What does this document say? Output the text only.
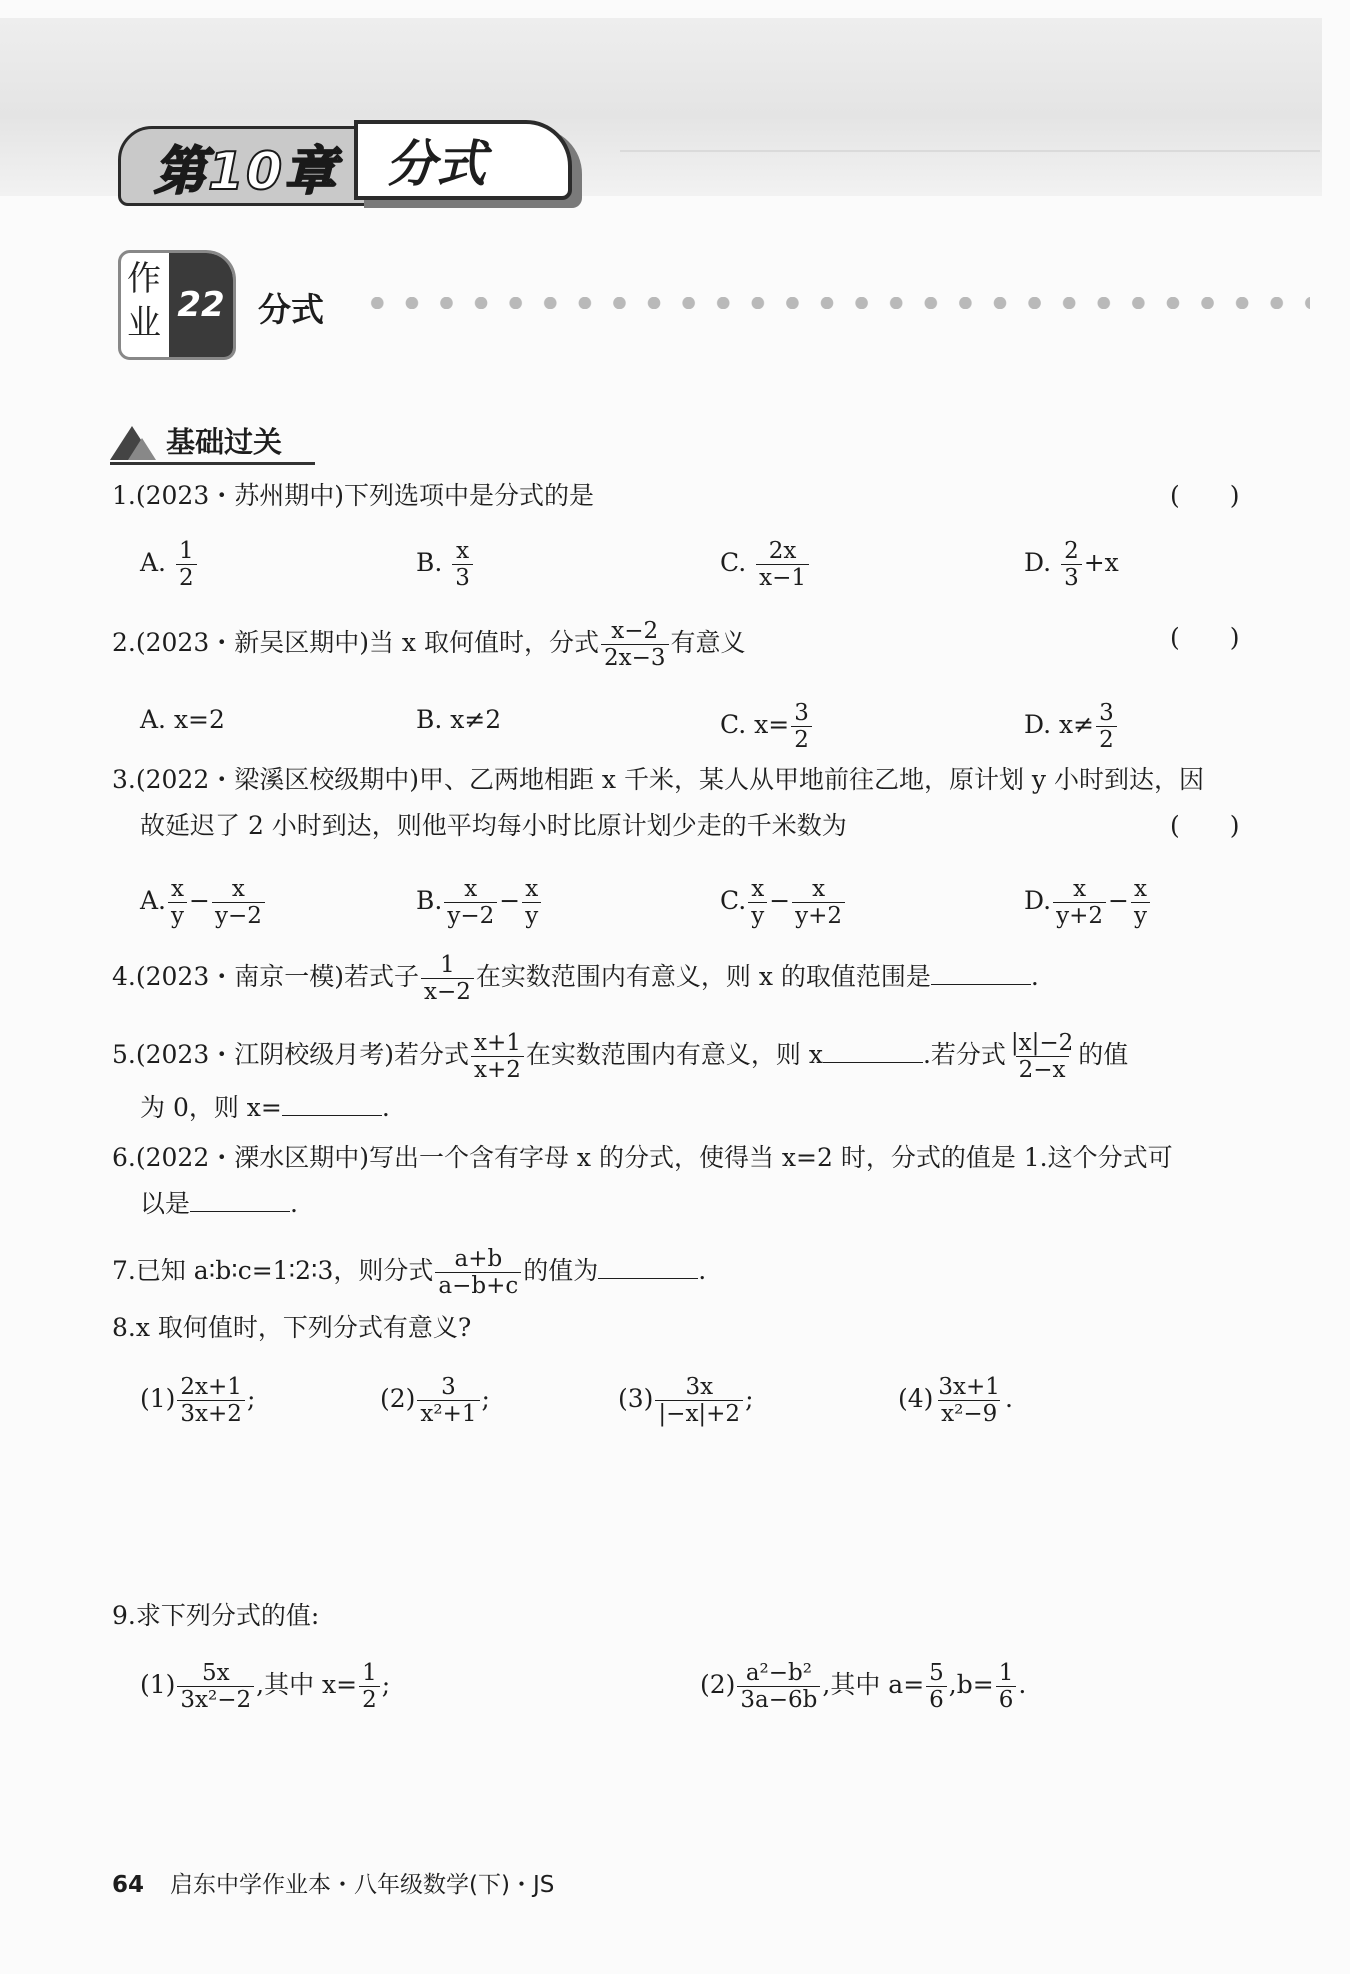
第10章 分式
作
业 22 分式
基础过关
1.(2023・苏州期中)下列选项中是分式的是	(　　)
A. $\frac{1}{2}$	B. $\frac{x}{3}$	C. $\frac{2x}{x-1}$	D. $\frac{2}{3} +x$
2.(2023・新吴区期中)当 x 取何值时，分式 $\frac{x-2}{2x-3}$ 有意义	(　　)
A. x=2	B. x≠2	C. $x= \frac{3}{2}$	D. $x\ne \frac{3}{2}$
3.(2022・梁溪区校级期中)甲、乙两地相距 x 千米，某人从甲地前往乙地，原计划 y 小时到达，因
故延迟了 2 小时到达，则他平均每小时比原计划少走的千米数为	(　　)
A. $\frac{x}{y} - \frac{x}{y-2}$	B. $\frac{x}{y-2} - \frac{x}{y}$	C. $\frac{x}{y} - \frac{x}{y+2}$	D. $\frac{x}{y+2} - \frac{x}{y}$
4.(2023・南京一模)若式子 $\frac{1}{x-2}$ 在实数范围内有意义，则 x 的取值范围是	.
5.(2023・江阴校级月考)若分式 $\frac{x+1}{x+2}$ 在实数范围内有意义，则 x	.若分式 $\frac{|x|-2}{2-x}$ 的值
为 0，则 x=	.
6.(2022・溧水区期中)写出一个含有字母 x 的分式，使得当 x=2 时，分式的值是 1.这个分式可
以是	.
7.已知 a∶b∶c=1∶2∶3，则分式 $\frac{a+b}{a-b+c}$ 的值为	.
8.x 取何值时，下列分式有意义?
$(1) \frac{2x+1}{3x+2}$ ;	$(2) \frac{3}{\text{x²+1}}$ ;	$(3) \frac{3x}{|-x|+2}$ ;	$(4) \frac{3x+1}{\text{x²−9}}$ .
9.求下列分式的值:
$(1) \frac{5x}{\text{3x²−2}}$ ,其中 $x= \frac{1}{2}$ ;	$(2) \frac{\text{a²−b²}}{3a-6b}$ ,其中 $a= \frac{5}{6} ,b= \frac{1}{6}$ .
64 启东中学作业本・八年级数学(下)・JS
